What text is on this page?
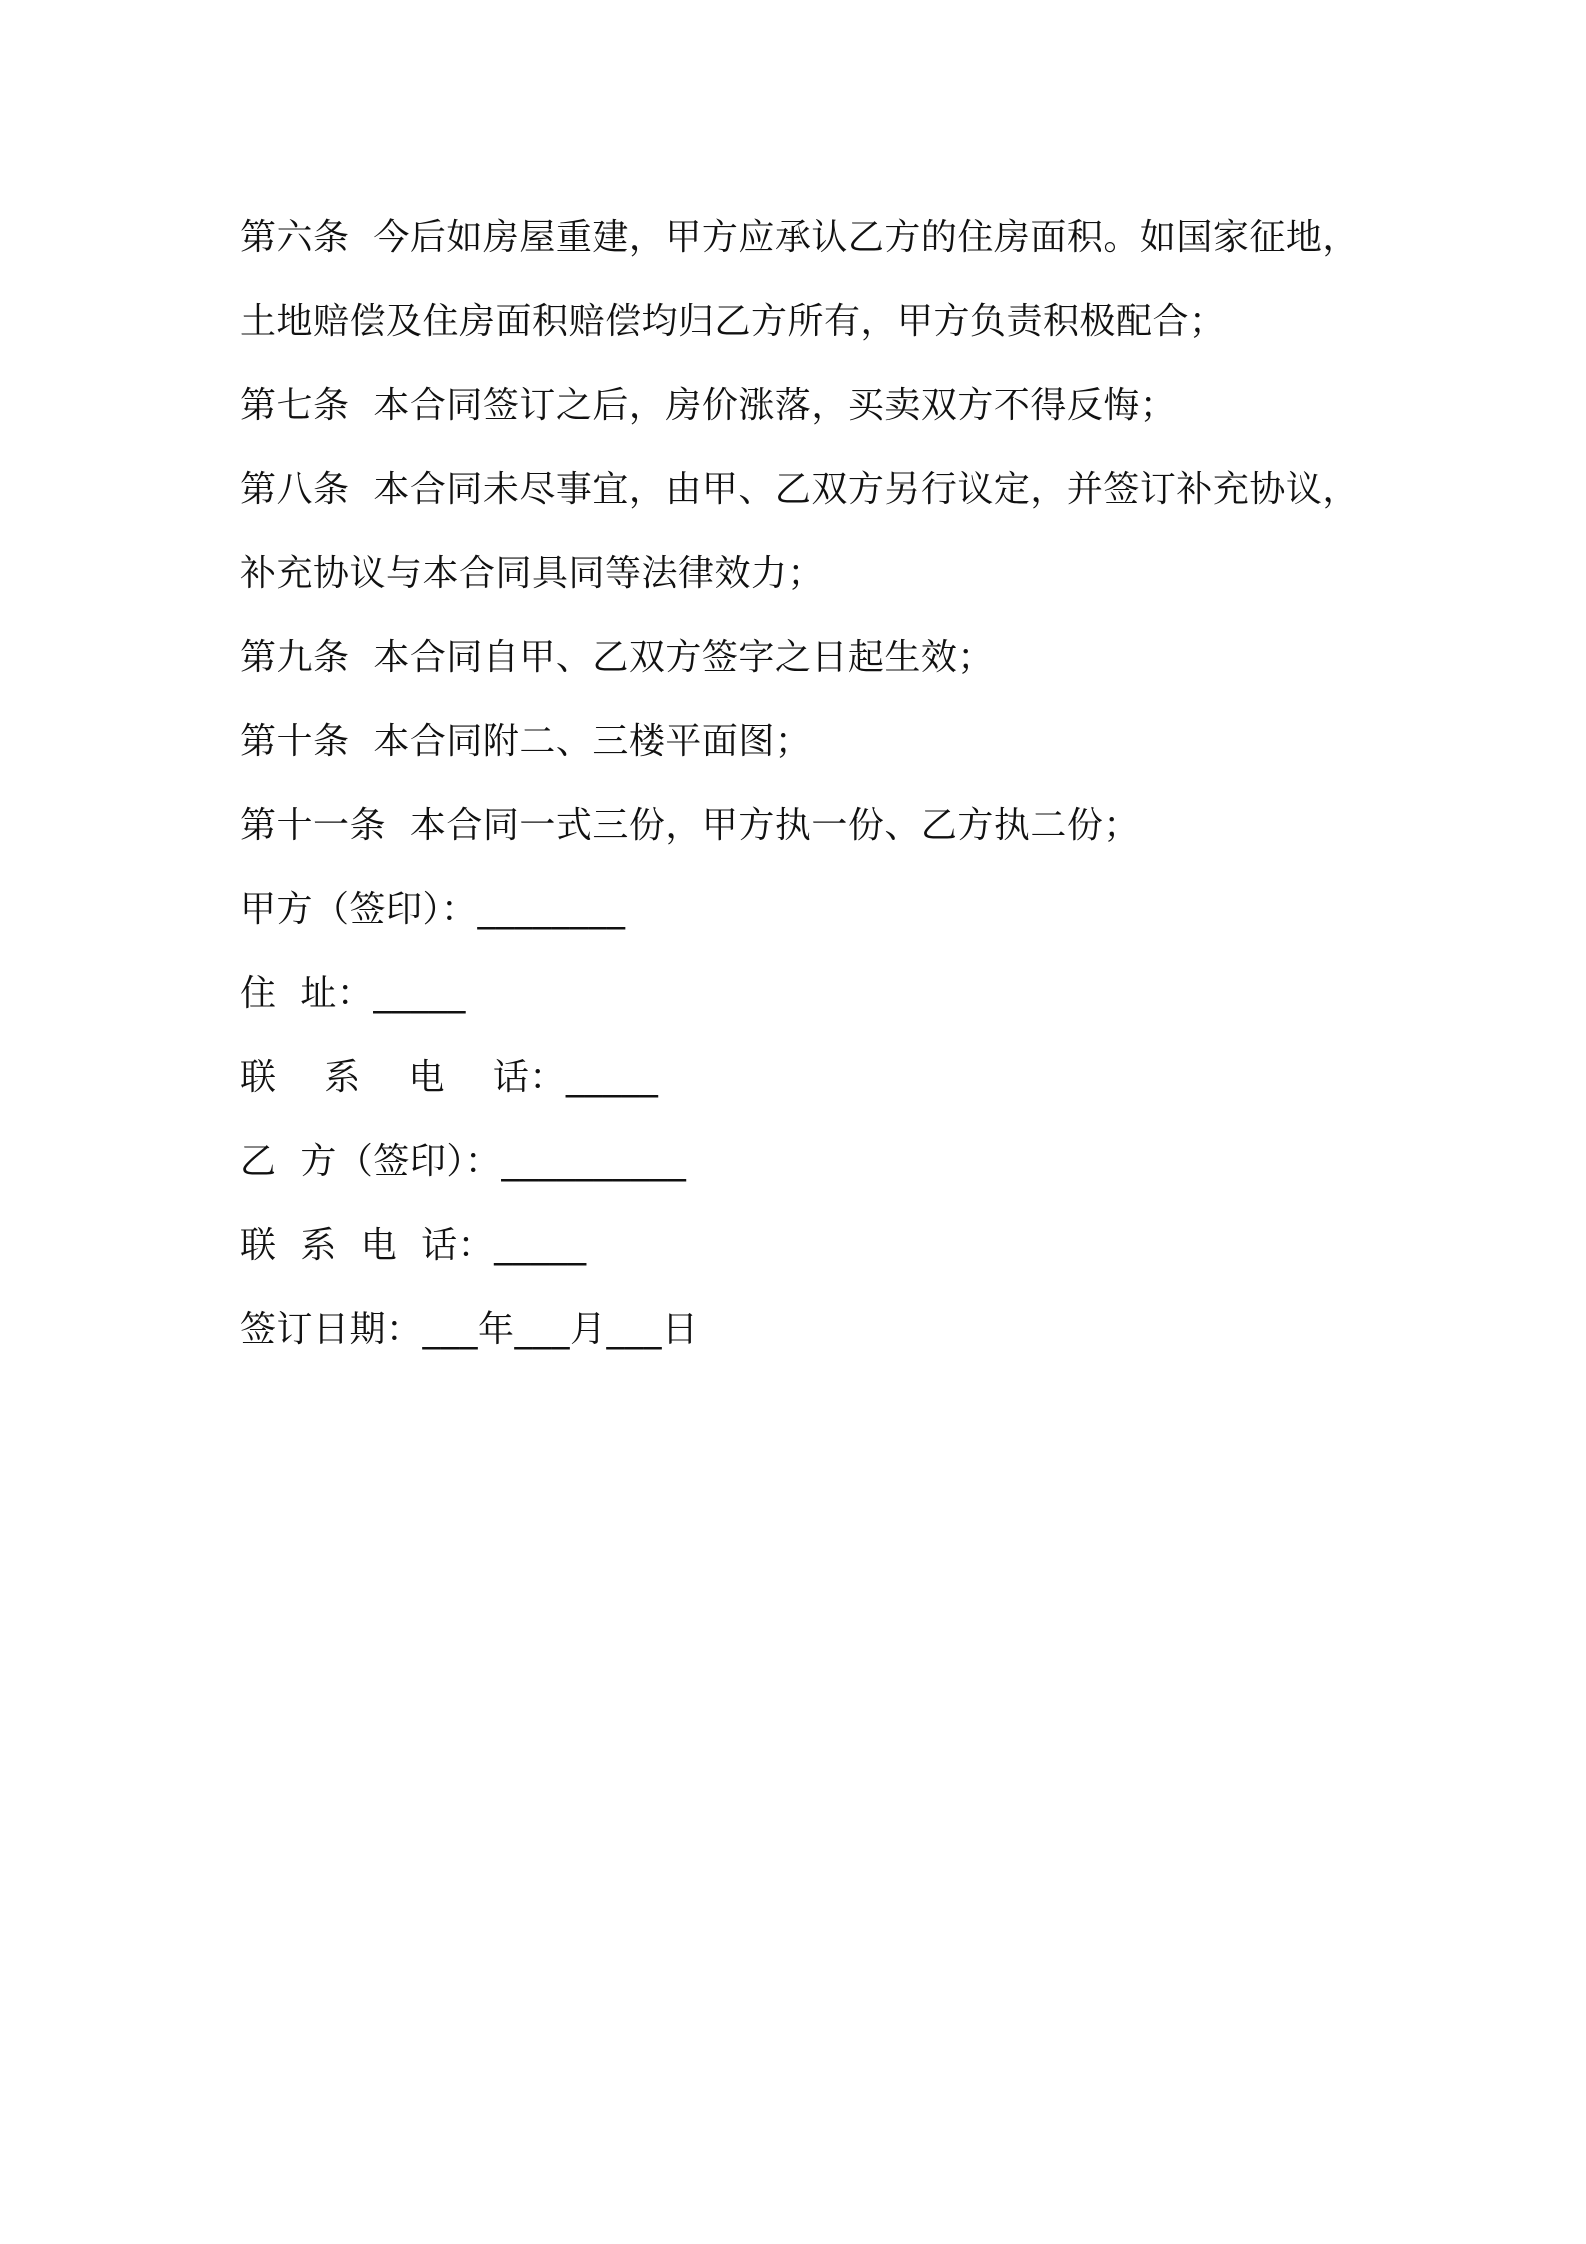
第六条  今后如房屋重建，甲方应承认乙方的住房面积。如国家征地，
土地赔偿及住房面积赔偿均归乙方所有，甲方负责积极配合；
第七条  本合同签订之后，房价涨落，买卖双方不得反悔；
第八条  本合同未尽事宜，由甲、乙双方另行议定，并签订补充协议，
补充协议与本合同具同等法律效力；
第九条  本合同自甲、乙双方签字之日起生效；
第十条  本合同附二、三楼平面图；
第十一条  本合同一式三份，甲方执一份、乙方执二份；
甲方（签印）：________
住  址：_____
联    系    电    话：_____
乙  方（签印）：__________
联  系  电  话：_____
签订日期：___年___月___日
